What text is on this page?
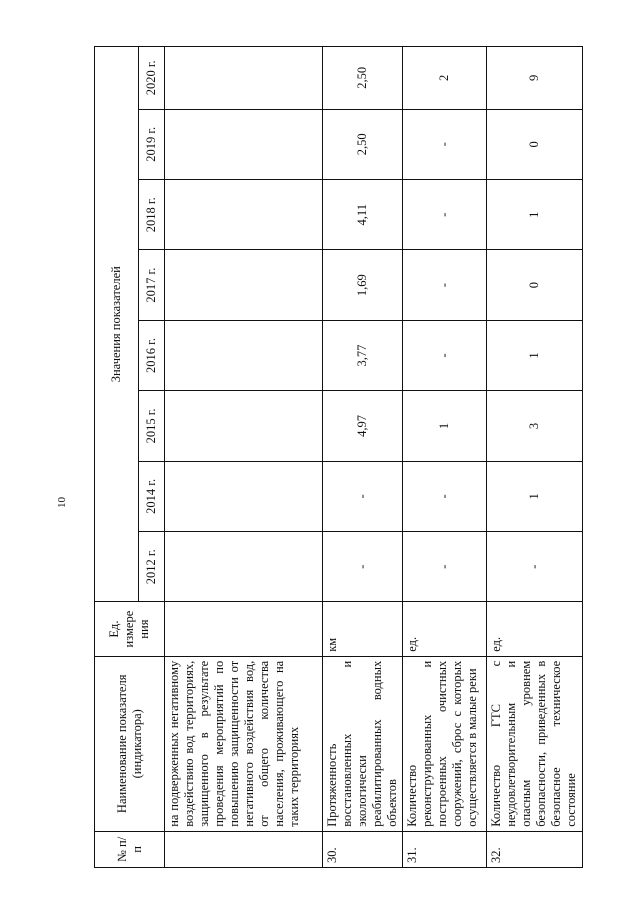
10
№ п/п	Наименование показателя (индикатора)	Ед. измере ния	Значения показателей							
			2012 г.	2014 г.	2015 г.	2016 г.	2017 г.	2018 г.	2019 г.	2020 г.
	на подверженных негативному воздействию вод территориях, защищенного в результате проведения мероприятий по повышению защищенности от негативного воздействия вод, от общего количества населения, проживающего на таких территориях									
30.	Протяженность восстановленных и экологически реабилитированных водных объектов	км	-	-	4,97	3,77	1,69	4,11	2,50	2,50
31.	Количество реконструированных и построенных очистных сооружений, сброс с которых осуществляется в малые реки	ед.	-	-	1	-	-	-	-	2
32.	Количество ГТС с неудовлетворительным и опасным уровнем безопасности, приведенных в безопасное техническое состояние	ед.	-	1	3	1	0	1	0	9
